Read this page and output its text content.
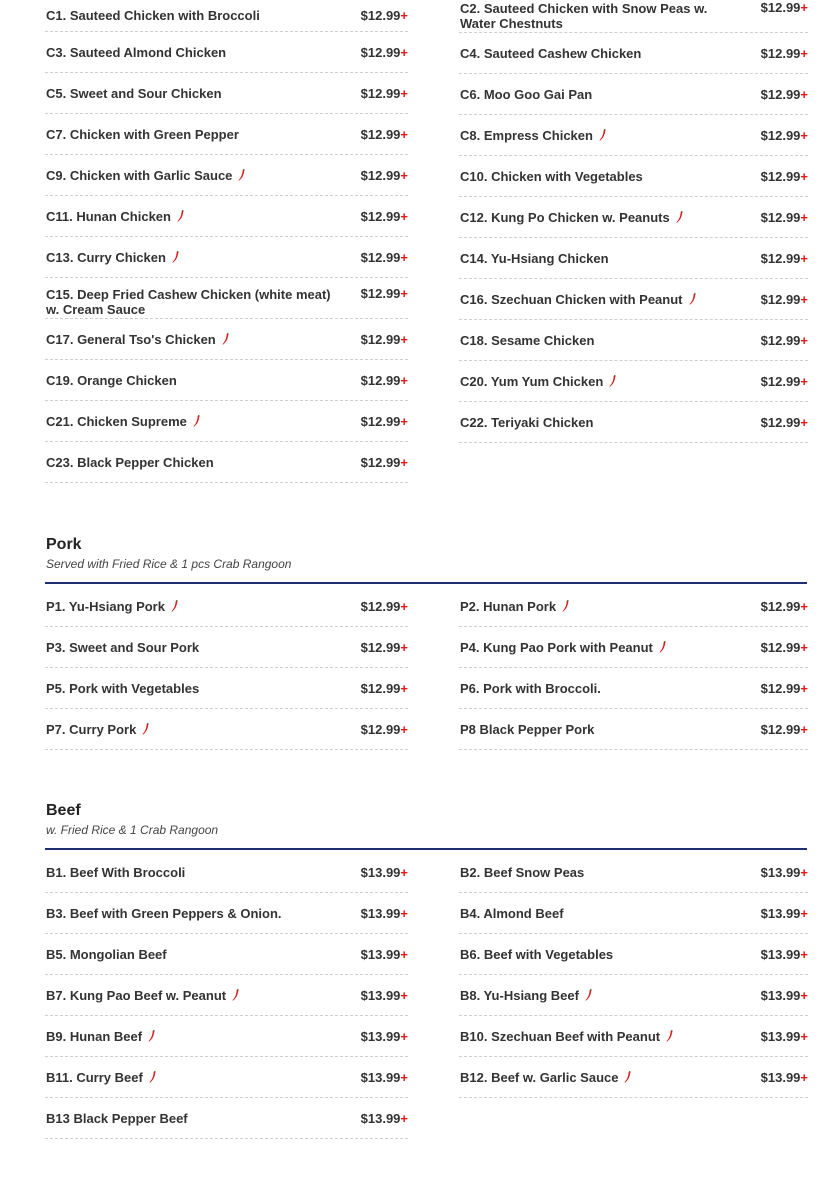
C1. Sauteed Chicken with Broccoli	$12.99+
C3. Sauteed Almond Chicken	$12.99+
C5. Sweet and Sour Chicken	$12.99+
C7. Chicken with Green Pepper	$12.99+
C9. Chicken with Garlic Sauce	$12.99+
C11. Hunan Chicken	$12.99+
C13. Curry Chicken	$12.99+
C15. Deep Fried Cashew Chicken (white meat) w. Cream Sauce
$12.99+
C17. General Tso's Chicken	$12.99+
C19. Orange Chicken	$12.99+
C21. Chicken Supreme	$12.99+
C23. Black Pepper Chicken	$12.99+
C2. Sauteed Chicken with Snow Peas w. Water Chestnuts
$12.99+
C4. Sauteed Cashew Chicken	$12.99+
C6. Moo Goo Gai Pan	$12.99+
C8. Empress Chicken	$12.99+
C10. Chicken with Vegetables	$12.99+
C12. Kung Po Chicken w. Peanuts	$12.99+
C14. Yu-Hsiang Chicken	$12.99+
C16. Szechuan Chicken with Peanut	$12.99+
C18. Sesame Chicken	$12.99+
C20. Yum Yum Chicken	$12.99+
C22. Teriyaki Chicken	$12.99+
Pork
Served with Fried Rice & 1 pcs Crab Rangoon
P1. Yu-Hsiang Pork	$12.99+
P3. Sweet and Sour Pork	$12.99+
P5. Pork with Vegetables	$12.99+
P7. Curry Pork	$12.99+
P2. Hunan Pork	$12.99+
P4. Kung Pao Pork with Peanut	$12.99+
P6. Pork with Broccoli.	$12.99+
P8 Black Pepper Pork	$12.99+
Beef
w. Fried Rice & 1 Crab Rangoon
B1. Beef With Broccoli	$13.99+
B3. Beef with Green Peppers & Onion.	$13.99+
B5. Mongolian Beef	$13.99+
B7. Kung Pao Beef w. Peanut	$13.99+
B9. Hunan Beef	$13.99+
B11. Curry Beef	$13.99+
B13 Black Pepper Beef	$13.99+
B2. Beef Snow Peas	$13.99+
B4. Almond Beef	$13.99+
B6. Beef with Vegetables	$13.99+
B8. Yu-Hsiang Beef	$13.99+
B10. Szechuan Beef with Peanut	$13.99+
B12. Beef w. Garlic Sauce	$13.99+
